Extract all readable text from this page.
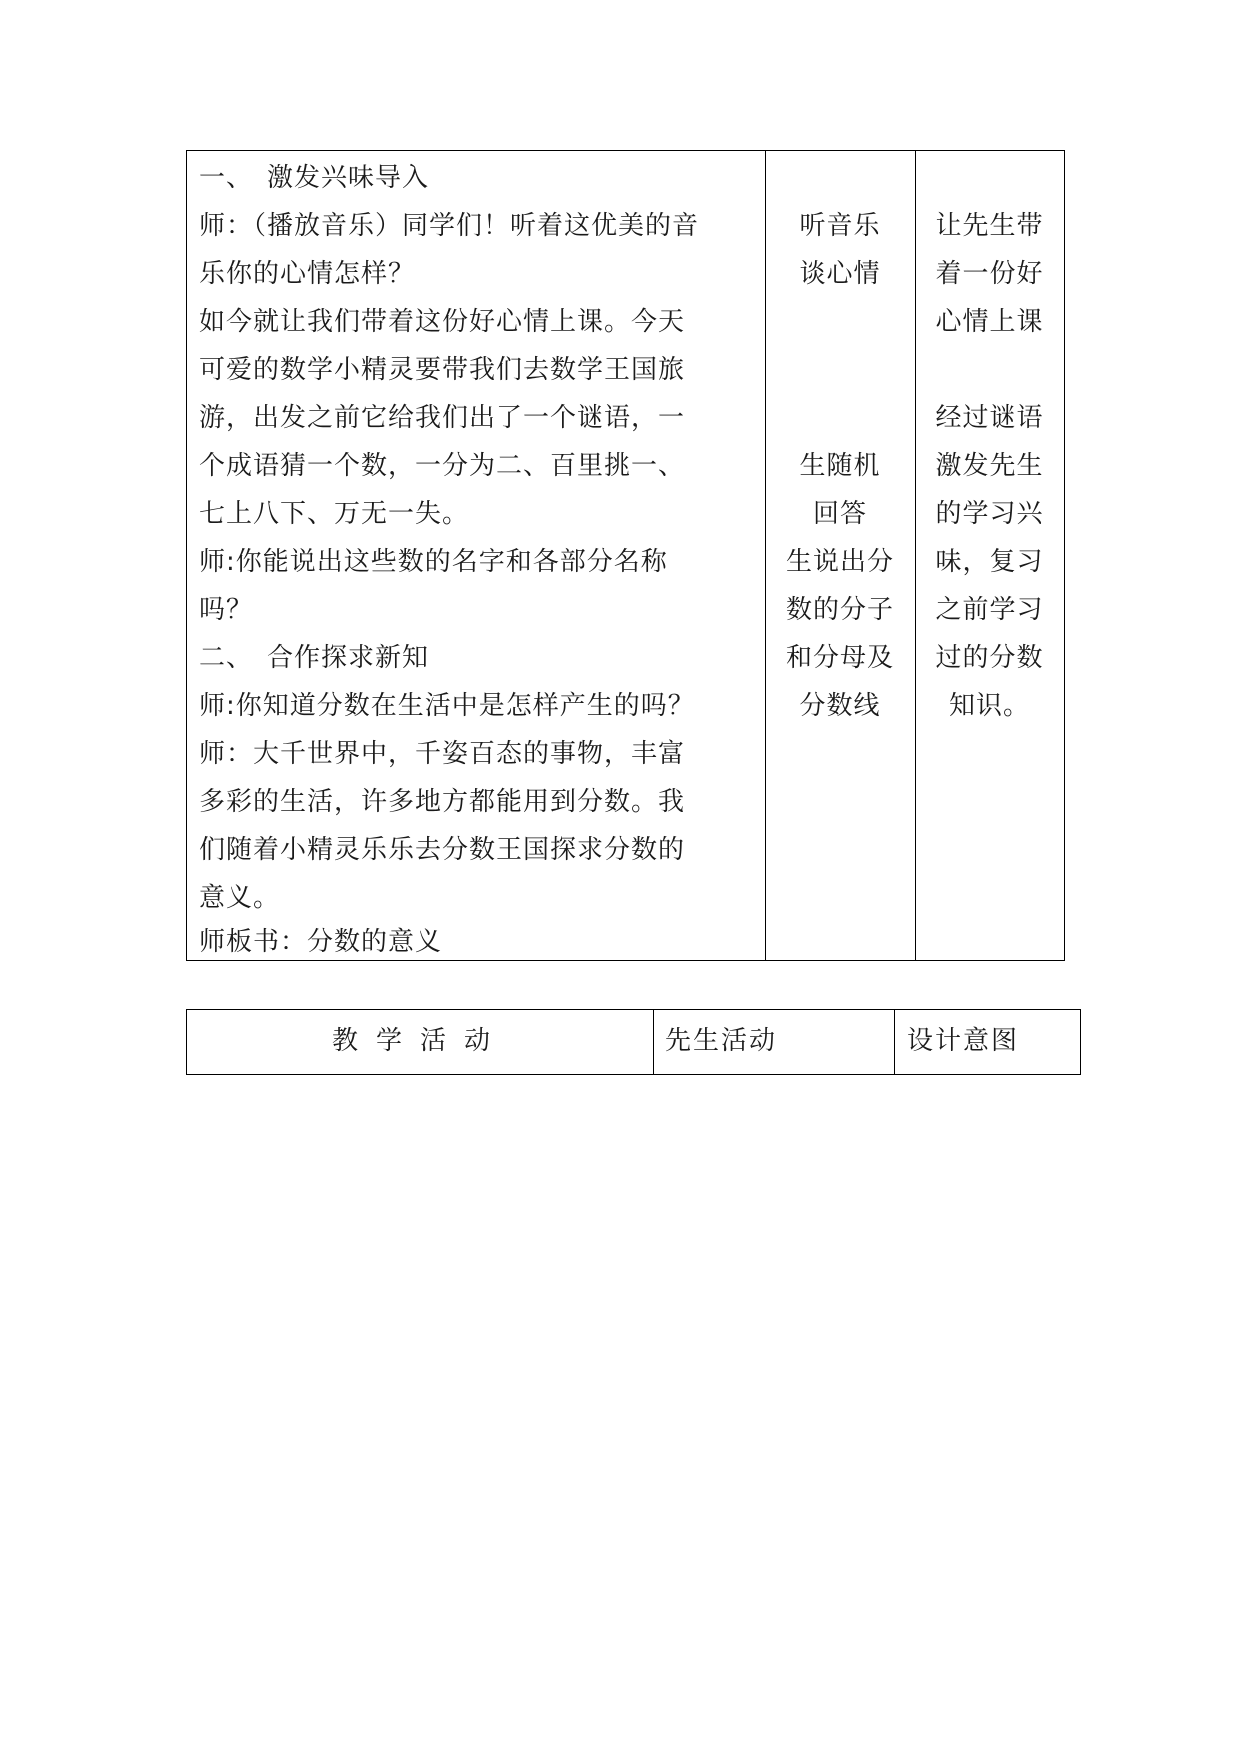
一、　激发兴味导入
师：（播放音乐）同学们！听着这优美的音
乐你的心情怎样？
如今就让我们带着这份好心情上课。今天
可爱的数学小精灵要带我们去数学王国旅
游，出发之前它给我们出了一个谜语，一
个成语猜一个数，一分为二、百里挑一、
七上八下、万无一失。
师:你能说出这些数的名字和各部分名称
吗？
二、　合作探求新知
师:你知道分数在生活中是怎样产生的吗？
师：大千世界中，千姿百态的事物，丰富
多彩的生活，许多地方都能用到分数。我
们随着小精灵乐乐去分数王国探求分数的
意义。
师板书：分数的意义
听音乐
谈心情
生随机
回答
生说出分
数的分子
和分母及
分数线
让先生带
着一份好
心情上课
经过谜语
激发先生
的学习兴
味，复习
之前学习
过的分数
知识。
教学活动	先生活动	设计意图
